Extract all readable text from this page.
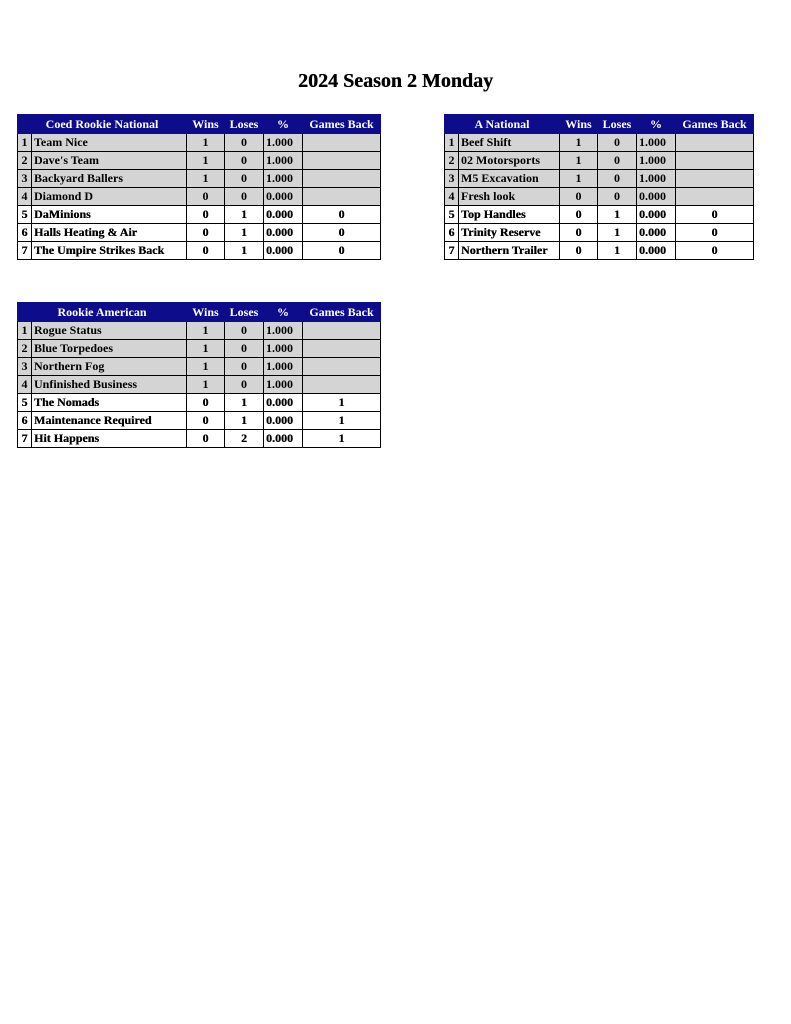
2024 Season 2 Monday
Coed Rookie National		Wins	Loses	%	Games Back
1	Team Nice	1	0	1.000	
2	Dave's Team	1	0	1.000	
3	Backyard Ballers	1	0	1.000	
4	Diamond D	0	0	0.000	
5	DaMinions	0	1	0.000	0
6	Halls Heating & Air	0	1	0.000	0
7	The Umpire Strikes Back	0	1	0.000	0
A National		Wins	Loses	%	Games Back
1	Beef Shift	1	0	1.000	
2	02 Motorsports	1	0	1.000	
3	M5 Excavation	1	0	1.000	
4	Fresh look	0	0	0.000	
5	Top Handles	0	1	0.000	0
6	Trinity Reserve	0	1	0.000	0
7	Northern Trailer	0	1	0.000	0
Rookie American		Wins	Loses	%	Games Back
1	Rogue Status	1	0	1.000	
2	Blue Torpedoes	1	0	1.000	
3	Northern Fog	1	0	1.000	
4	Unfinished Business	1	0	1.000	
5	The Nomads	0	1	0.000	1
6	Maintenance Required	0	1	0.000	1
7	Hit Happens	0	2	0.000	1
